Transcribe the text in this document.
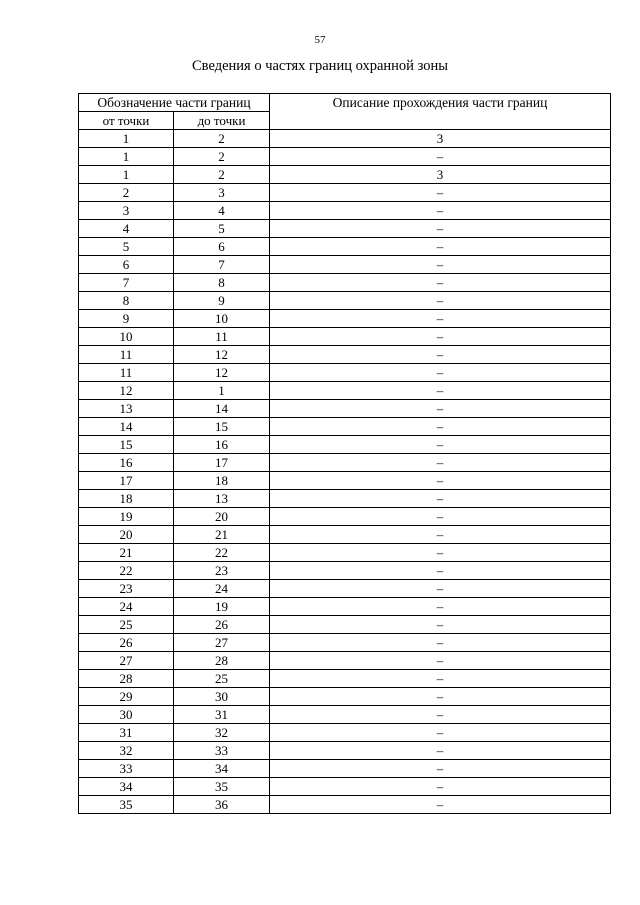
57
Сведения о частях границ охранной зоны
Обозначение части границ		Описание прохождения части границ
от точки	до точки	
1	2	3
1	2	–
1	2	3
2	3	–
3	4	–
4	5	–
5	6	–
6	7	–
7	8	–
8	9	–
9	10	–
10	11	–
11	12	–
11	12	–
12	1	–
13	14	–
14	15	–
15	16	–
16	17	–
17	18	–
18	13	–
19	20	–
20	21	–
21	22	–
22	23	–
23	24	–
24	19	–
25	26	–
26	27	–
27	28	–
28	25	–
29	30	–
30	31	–
31	32	–
32	33	–
33	34	–
34	35	–
35	36	–
